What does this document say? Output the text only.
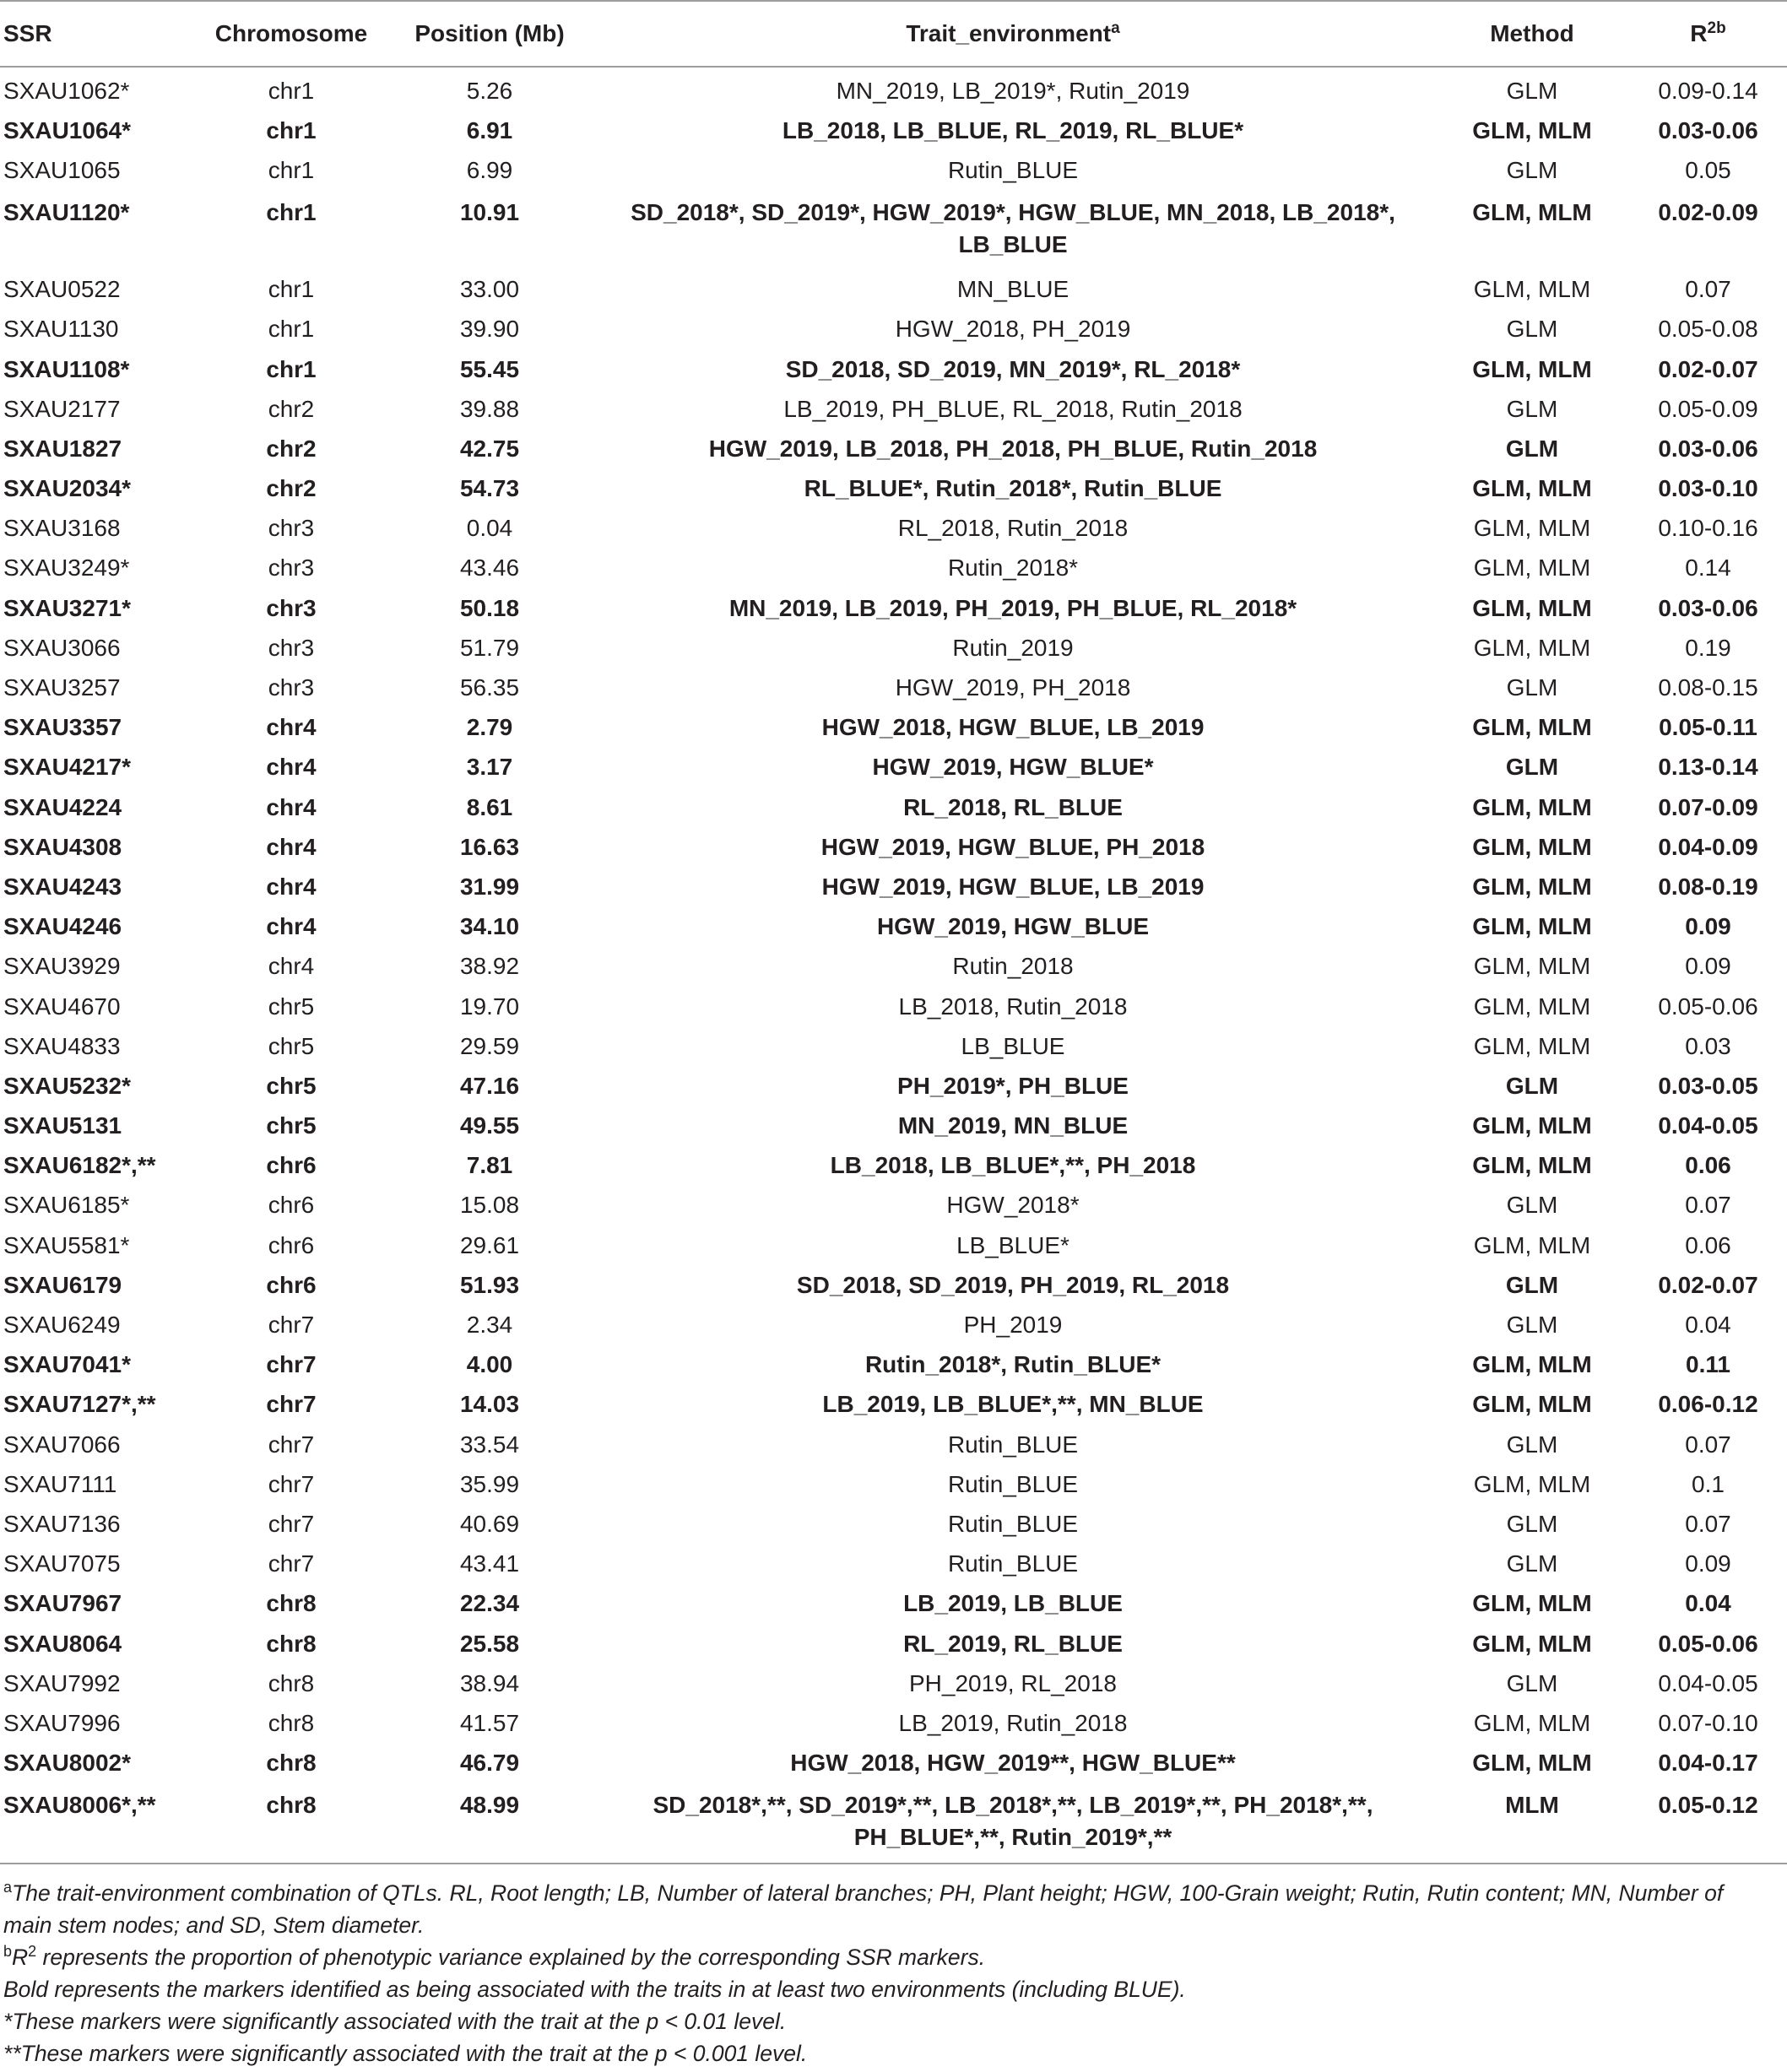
SSR	Chromosome	Position (Mb)	Trait_environment$^a$	Method	$R^{2b}$
SXAU1062*	chr1	5.26	MN_2019, LB_2019*, Rutin_2019	GLM	0.09-0.14
SXAU1064*	chr1	6.91	LB_2018, LB_BLUE, RL_2019, RL_BLUE*	GLM, MLM	0.03-0.06
SXAU1065	chr1	6.99	Rutin_BLUE	GLM	0.05
SXAU1120*	chr1	10.91	SD_2018*, SD_2019*, HGW_2019*, HGW_BLUE, MN_2018, LB_2018*, LB_BLUE	GLM, MLM	0.02-0.09
SXAU0522	chr1	33.00	MN_BLUE	GLM, MLM	0.07
SXAU1130	chr1	39.90	HGW_2018, PH_2019	GLM	0.05-0.08
SXAU1108*	chr1	55.45	SD_2018, SD_2019, MN_2019*, RL_2018*	GLM, MLM	0.02-0.07
SXAU2177	chr2	39.88	LB_2019, PH_BLUE, RL_2018, Rutin_2018	GLM	0.05-0.09
SXAU1827	chr2	42.75	HGW_2019, LB_2018, PH_2018, PH_BLUE, Rutin_2018	GLM	0.03-0.06
SXAU2034*	chr2	54.73	RL_BLUE*, Rutin_2018*, Rutin_BLUE	GLM, MLM	0.03-0.10
SXAU3168	chr3	0.04	RL_2018, Rutin_2018	GLM, MLM	0.10-0.16
SXAU3249*	chr3	43.46	Rutin_2018*	GLM, MLM	0.14
SXAU3271*	chr3	50.18	MN_2019, LB_2019, PH_2019, PH_BLUE, RL_2018*	GLM, MLM	0.03-0.06
SXAU3066	chr3	51.79	Rutin_2019	GLM, MLM	0.19
SXAU3257	chr3	56.35	HGW_2019, PH_2018	GLM	0.08-0.15
SXAU3357	chr4	2.79	HGW_2018, HGW_BLUE, LB_2019	GLM, MLM	0.05-0.11
SXAU4217*	chr4	3.17	HGW_2019, HGW_BLUE*	GLM	0.13-0.14
SXAU4224	chr4	8.61	RL_2018, RL_BLUE	GLM, MLM	0.07-0.09
SXAU4308	chr4	16.63	HGW_2019, HGW_BLUE, PH_2018	GLM, MLM	0.04-0.09
SXAU4243	chr4	31.99	HGW_2019, HGW_BLUE, LB_2019	GLM, MLM	0.08-0.19
SXAU4246	chr4	34.10	HGW_2019, HGW_BLUE	GLM, MLM	0.09
SXAU3929	chr4	38.92	Rutin_2018	GLM, MLM	0.09
SXAU4670	chr5	19.70	LB_2018, Rutin_2018	GLM, MLM	0.05-0.06
SXAU4833	chr5	29.59	LB_BLUE	GLM, MLM	0.03
SXAU5232*	chr5	47.16	PH_2019*, PH_BLUE	GLM	0.03-0.05
SXAU5131	chr5	49.55	MN_2019, MN_BLUE	GLM, MLM	0.04-0.05
SXAU6182*,**	chr6	7.81	LB_2018, LB_BLUE*,**, PH_2018	GLM, MLM	0.06
SXAU6185*	chr6	15.08	HGW_2018*	GLM	0.07
SXAU5581*	chr6	29.61	LB_BLUE*	GLM, MLM	0.06
SXAU6179	chr6	51.93	SD_2018, SD_2019, PH_2019, RL_2018	GLM	0.02-0.07
SXAU6249	chr7	2.34	PH_2019	GLM	0.04
SXAU7041*	chr7	4.00	Rutin_2018*, Rutin_BLUE*	GLM, MLM	0.11
SXAU7127*,**	chr7	14.03	LB_2019, LB_BLUE*,**, MN_BLUE	GLM, MLM	0.06-0.12
SXAU7066	chr7	33.54	Rutin_BLUE	GLM	0.07
SXAU7111	chr7	35.99	Rutin_BLUE	GLM, MLM	0.1
SXAU7136	chr7	40.69	Rutin_BLUE	GLM	0.07
SXAU7075	chr7	43.41	Rutin_BLUE	GLM	0.09
SXAU7967	chr8	22.34	LB_2019, LB_BLUE	GLM, MLM	0.04
SXAU8064	chr8	25.58	RL_2019, RL_BLUE	GLM, MLM	0.05-0.06
SXAU7992	chr8	38.94	PH_2019, RL_2018	GLM	0.04-0.05
SXAU7996	chr8	41.57	LB_2019, Rutin_2018	GLM, MLM	0.07-0.10
SXAU8002*	chr8	46.79	HGW_2018, HGW_2019**, HGW_BLUE**	GLM, MLM	0.04-0.17
SXAU8006*,**	chr8	48.99	SD_2018*,**, SD_2019*,**, LB_2018*,**, LB_2019*,**, PH_2018*,**, PH_BLUE*,**, Rutin_2019*,**	MLM	0.05-0.12

$^a$The trait-environment combination of QTLs. RL, Root length; LB, Number of lateral branches; PH, Plant height; HGW, 100-Grain weight; Rutin, Rutin content; MN, Number of main stem nodes; and SD, Stem diameter.

$^bR^2$ represents the proportion of phenotypic variance explained by the corresponding SSR markers.

Bold represents the markers identified as being associated with the traits in at least two environments (including BLUE).

*These markers were significantly associated with the trait at the p < 0.01 level.

**These markers were significantly associated with the trait at the p < 0.001 level.
